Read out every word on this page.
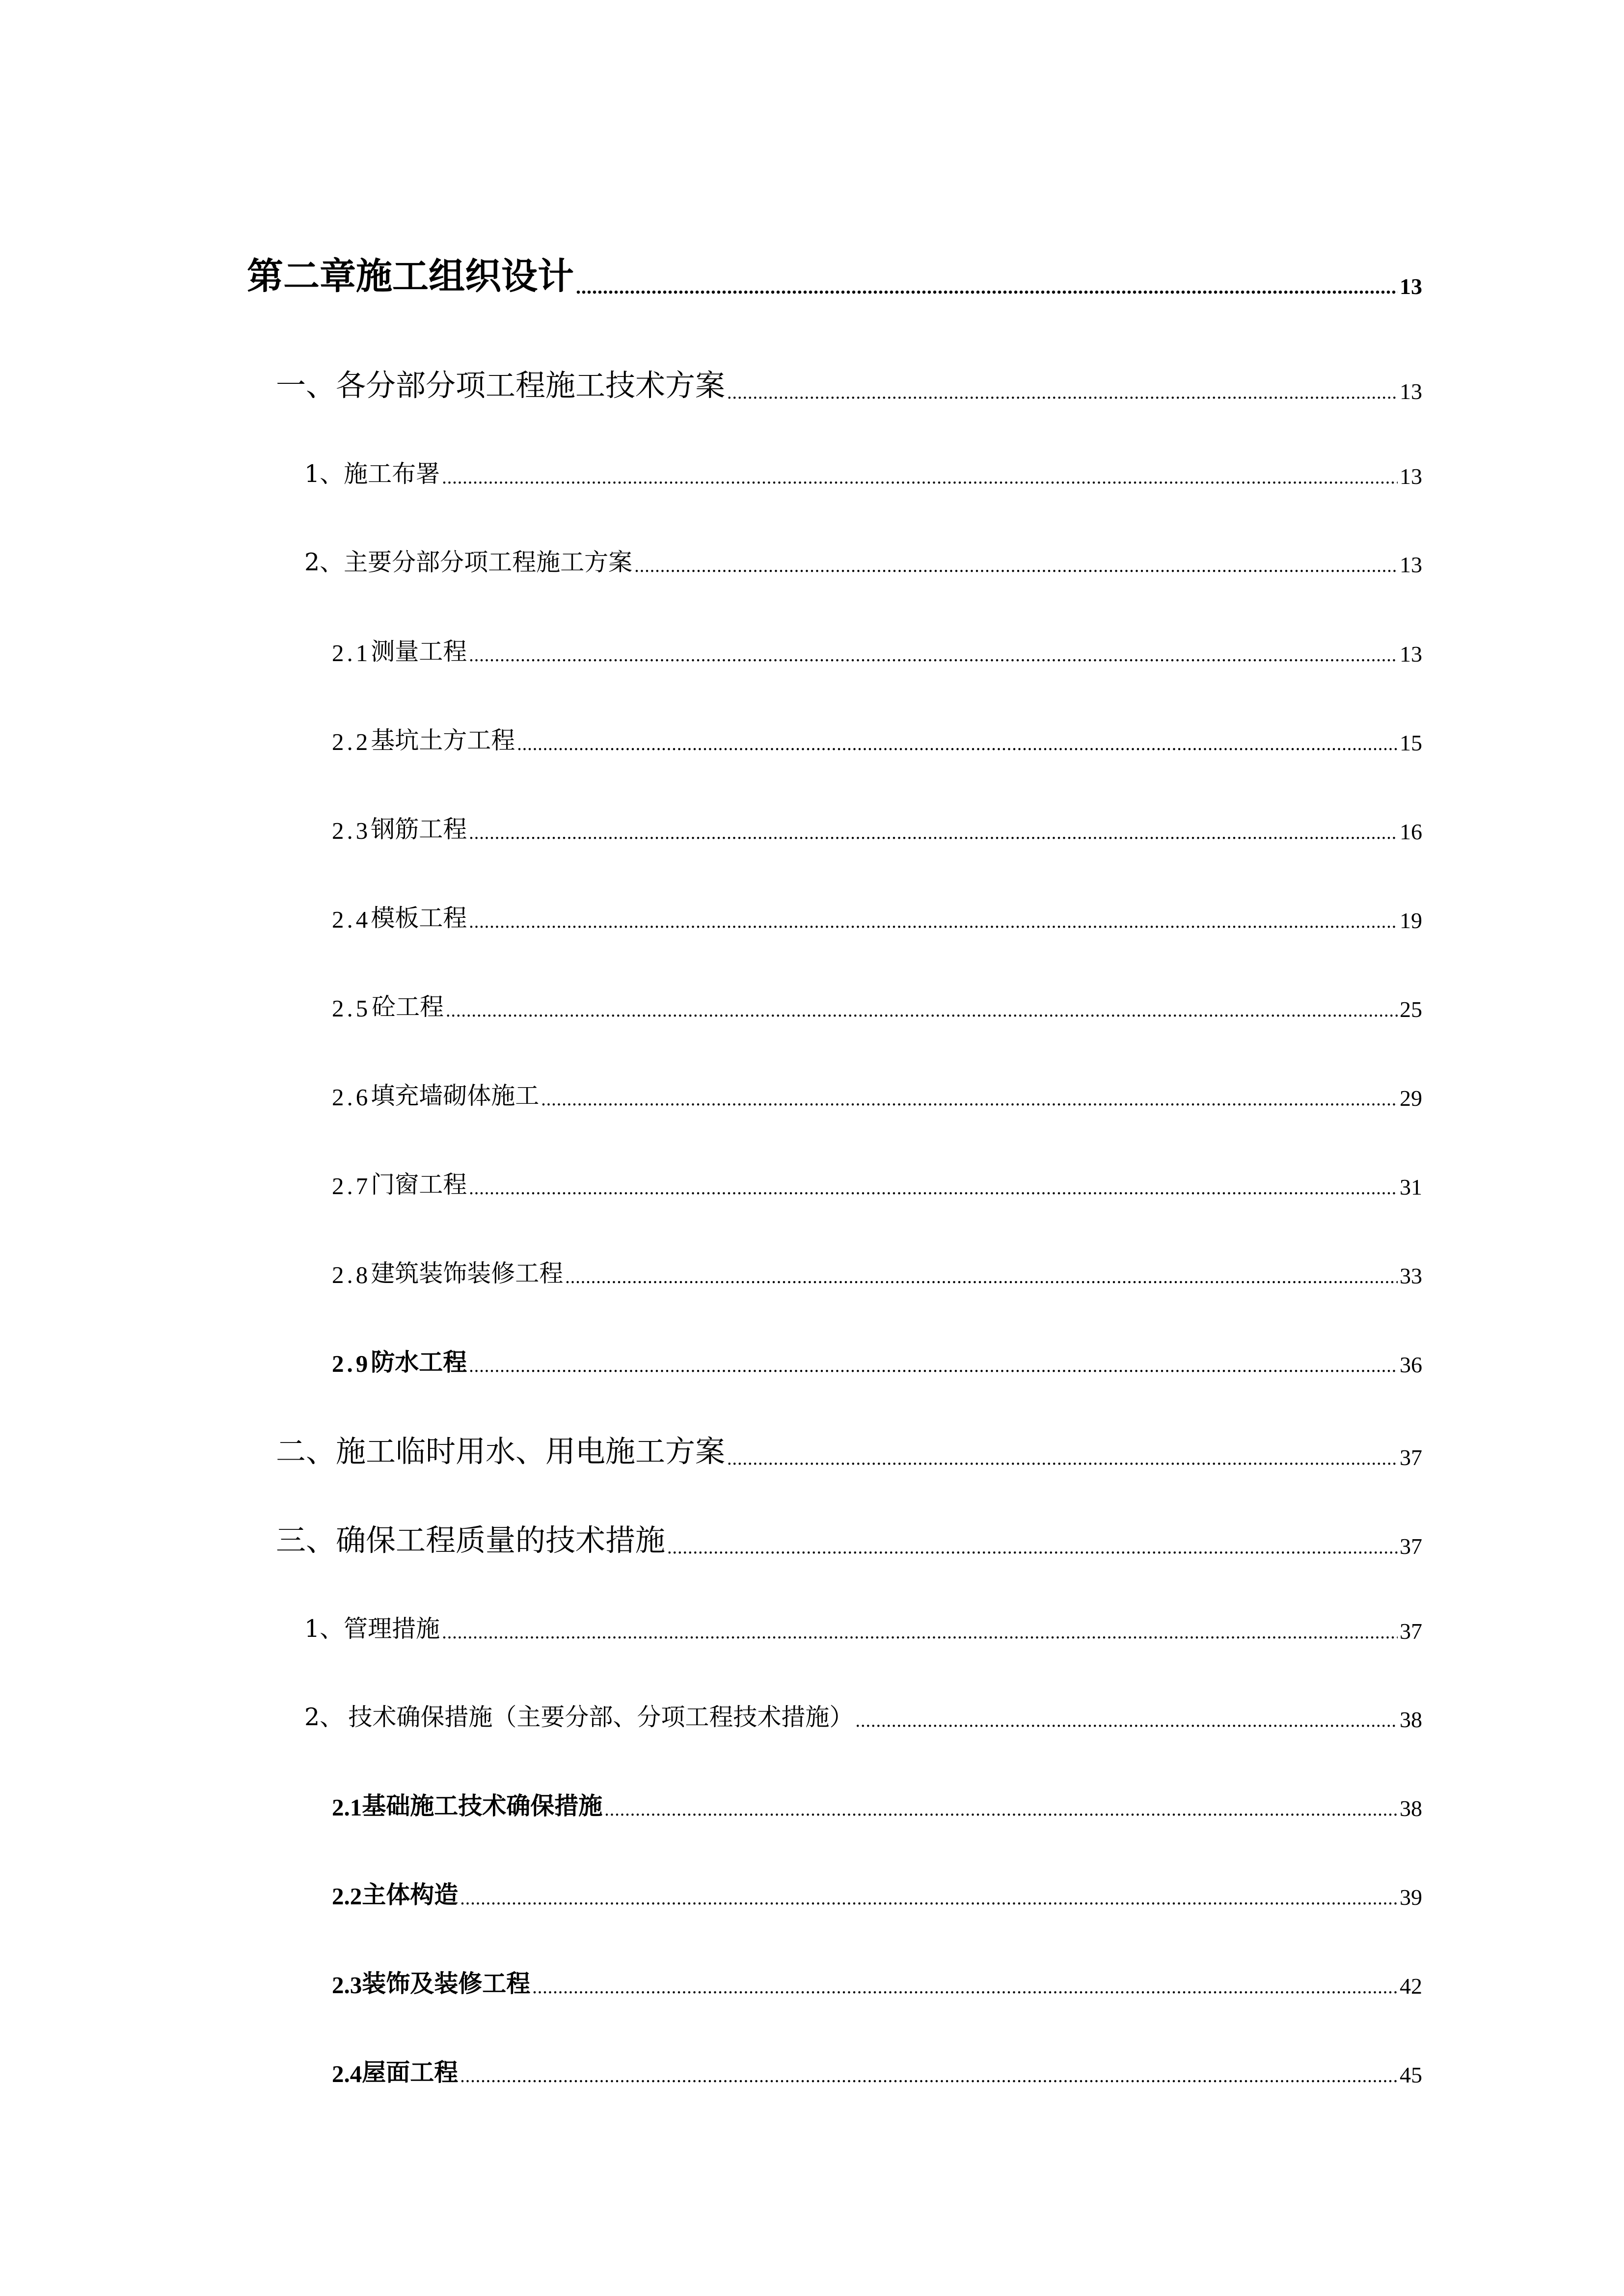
第二章施工组织设计 .....	13
一、各分部分项工程施工技术方案 .....	13
1、施工布署 .....	13
2、主要分部分项工程施工方案 .....	13
2.1 测量工程 .....	13
2.2 基坑土方工程 .....	15
2.3 钢筋工程 .....	16
2.4 模板工程 .....	19
2.5 砼工程 .....	25
2.6 填充墙砌体施工 .....	29
2.7 门窗工程 .....	31
2.8 建筑装饰装修工程 .....	33
2.9 防水工程 .....	36
二、施工临时用水、用电施工方案 .....	37
三、确保工程质量的技术措施 .....	37
1、管理措施 .....	37
2、 技术确保措施（主要分部、分项工程技术措施） .....	38
2.1 基础施工技术确保措施 .....	38
2.2 主体构造 .....	39
2.3 装饰及装修工程 .....	42
2.4 屋面工程 .....	45
